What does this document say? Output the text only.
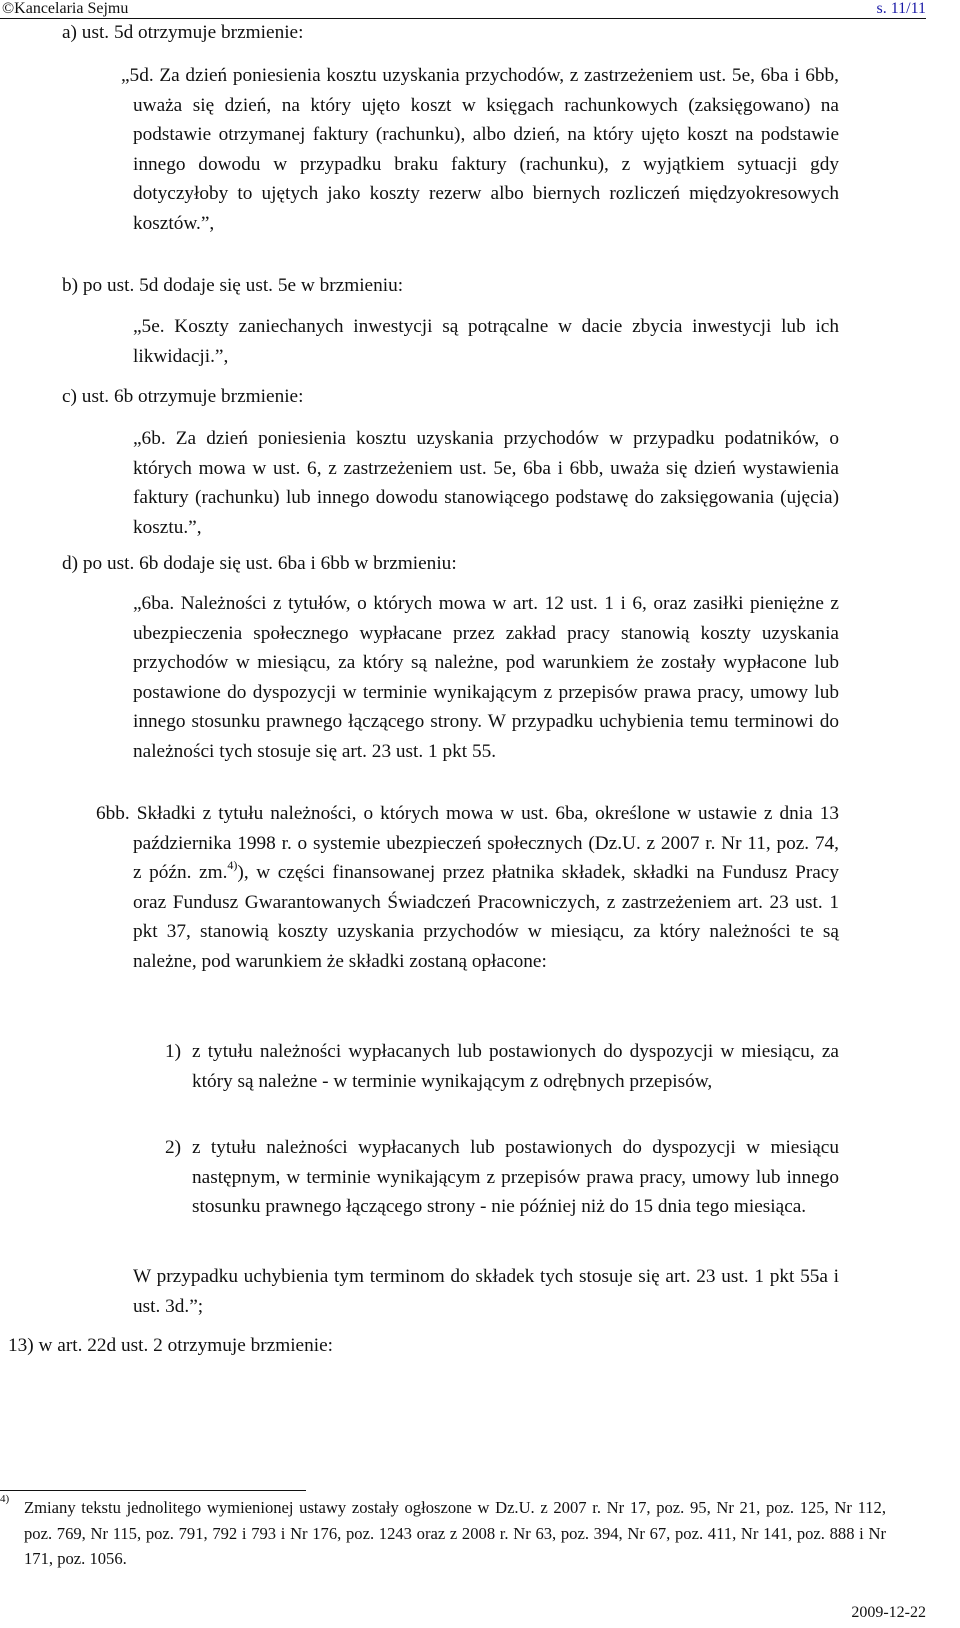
©Kancelaria Sejmu	s. 11/11
a) ust. 5d otrzymuje brzmienie:
„5d. Za dzień poniesienia kosztu uzyskania przychodów, z zastrzeżeniem ust. 5e, 6ba i 6bb, uważa się dzień, na który ujęto koszt w księgach rachunkowych (zaksięgowano) na podstawie otrzymanej faktury (rachunku), albo dzień, na który ujęto koszt na podstawie innego dowodu w przypadku braku faktury (rachunku), z wyjątkiem sytuacji gdy dotyczyłoby to ujętych jako koszty rezerw albo biernych rozliczeń międzyokresowych kosztów.”,
b) po ust. 5d dodaje się ust. 5e w brzmieniu:
„5e. Koszty zaniechanych inwestycji są potrącalne w dacie zbycia inwestycji lub ich likwidacji.”,
c) ust. 6b otrzymuje brzmienie:
„6b. Za dzień poniesienia kosztu uzyskania przychodów w przypadku podatników, o których mowa w ust. 6, z zastrzeżeniem ust. 5e, 6ba i 6bb, uważa się dzień wystawienia faktury (rachunku) lub innego dowodu stanowiącego podstawę do zaksięgowania (ujęcia) kosztu.”,
d) po ust. 6b dodaje się ust. 6ba i 6bb w brzmieniu:
„6ba. Należności z tytułów, o których mowa w art. 12 ust. 1 i 6, oraz zasiłki pieniężne z ubezpieczenia społecznego wypłacane przez zakład pracy stanowią koszty uzyskania przychodów w miesiącu, za który są należne, pod warunkiem że zostały wypłacone lub postawione do dyspozycji w terminie wynikającym z przepisów prawa pracy, umowy lub innego stosunku prawnego łączącego strony. W przypadku uchybienia temu terminowi do należności tych stosuje się art. 23 ust. 1 pkt 55.
6bb. Składki z tytułu należności, o których mowa w ust. 6ba, określone w ustawie z dnia 13 października 1998 r. o systemie ubezpieczeń społecznych (Dz.U. z 2007 r. Nr 11, poz. 74, z późn. zm.$^{4)}$), w części finansowanej przez płatnika składek, składki na Fundusz Pracy oraz Fundusz Gwarantowanych Świadczeń Pracowniczych, z zastrzeżeniem art. 23 ust. 1 pkt 37, stanowią koszty uzyskania przychodów w miesiącu, za który należności te są należne, pod warunkiem że składki zostaną opłacone:
1) z tytułu należności wypłacanych lub postawionych do dyspozycji w miesiącu, za który są należne - w terminie wynikającym z odrębnych przepisów,
2) z tytułu należności wypłacanych lub postawionych do dyspozycji w miesiącu następnym, w terminie wynikającym z przepisów prawa pracy, umowy lub innego stosunku prawnego łączącego strony - nie później niż do 15 dnia tego miesiąca.
W przypadku uchybienia tym terminom do składek tych stosuje się art. 23 ust. 1 pkt 55a i ust. 3d.”;
13) w art. 22d ust. 2 otrzymuje brzmienie:
4) Zmiany tekstu jednolitego wymienionej ustawy zostały ogłoszone w Dz.U. z 2007 r. Nr 17, poz. 95, Nr 21, poz. 125, Nr 112, poz. 769, Nr 115, poz. 791, 792 i 793 i Nr 176, poz. 1243 oraz z 2008 r. Nr 63, poz. 394, Nr 67, poz. 411, Nr 141, poz. 888 i Nr 171, poz. 1056.
2009-12-22
